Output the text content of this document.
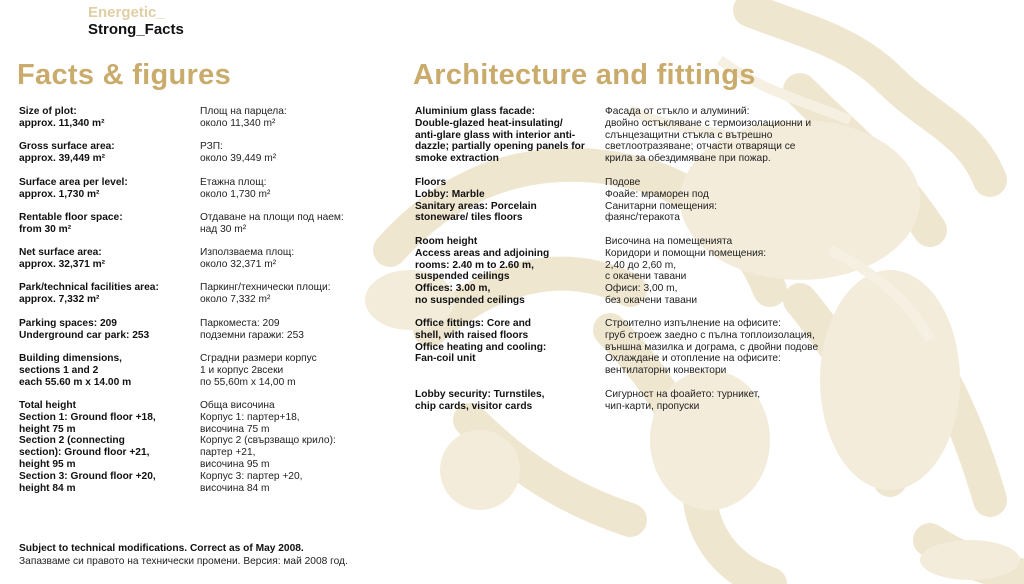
Energetic_
Strong_Facts
Facts & figures	Architecture and fittings
Size of plot:
approx. 11,340 m²
Gross surface area:
approx. 39,449 m²
Surface area per level:
approx. 1,730 m²
Rentable floor space:
from 30 m²
Net surface area:
approx. 32,371 m²
Park/technical facilities area:
approx. 7,332 m²
Parking spaces: 209
Underground car park: 253
Building dimensions,
sections 1 and 2
each 55.60 m x 14.00 m
Total height
Section 1: Ground floor +18,
height 75 m
Section 2 (connecting
section): Ground floor +21,
height 95 m
Section 3: Ground floor +20,
height 84 m
Площ на парцела:
около 11,340 m²
РЗП:
около 39,449 m²
Етажна площ:
около 1,730 m²
Отдаване на площи под наем:
над 30 m²
Използваема площ:
около 32,371 m²
Паркинг/технически площи:
около 7,332 m²
Паркоместа: 209
подземни гаражи: 253
Сградни размери корпус
1 и корпус 2всеки
по 55,60m х 14,00 m
Обща височина
Корпус 1: партер+18,
височина 75 m
Корпус 2 (свързващо крило):
партер +21,
височина 95 m
Корпус 3: партер +20,
височина 84 m
Aluminium glass facade:
Double-glazed heat-insulating/
anti-glare glass with interior anti-
dazzle; partially opening panels for
smoke extraction
Floors
Lobby: Marble
Sanitary areas: Porcelain
stoneware/ tiles floors
Room height
Access areas and adjoining
rooms: 2.40 m to 2.60 m,
suspended ceilings
Offices: 3.00 m,
no suspended ceilings
Office fittings: Core and
shell, with raised floors
Office heating and cooling:
Fan-coil unit
Lobby security: Turnstiles,
chip cards, visitor cards
Фасада от стъкло и алуминий:
двойно остъкляване с термоизолационни и
слънцезащитни стъкла с вътрешно
светлоотразяване; отчасти отварящи се
крила за обездимяване при пожар.
Подове
Фоайе: мраморен под
Санитарни помещения:
фаянс/теракота
Височина на помещенията
Коридори и помощни помещения:
2,40 до 2,60 m,
с окачени тавани
Офиси: 3,00 m,
без окачени тавани
Строително изпълнение на офисите:
груб строеж заедно с пълна топлоизолация,
външна мазилка и дограма, с двойни подове
Охлаждане и отопление на офисите:
вентилаторни конвектори
Сигурност на фоайето: турникет,
чип-карти, пропуски
Subject to technical modifications. Correct as of May 2008.
Запазваме си правото на технически промени. Версия: май 2008 год.
